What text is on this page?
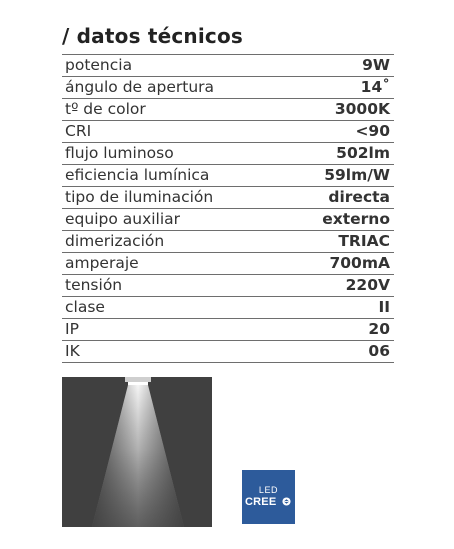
/ datos técnicos
potencia	9W
ángulo de apertura	14˚
tº de color	3000K
CRI	<90
flujo luminoso	502lm
eficiencia lumínica	59lm/W
tipo de iluminación	directa
equipo auxiliar	externo
dimerización	TRIAC
amperaje	700mA
tensión	220V
clase	II
IP	20
IK	06
LED
CREE
